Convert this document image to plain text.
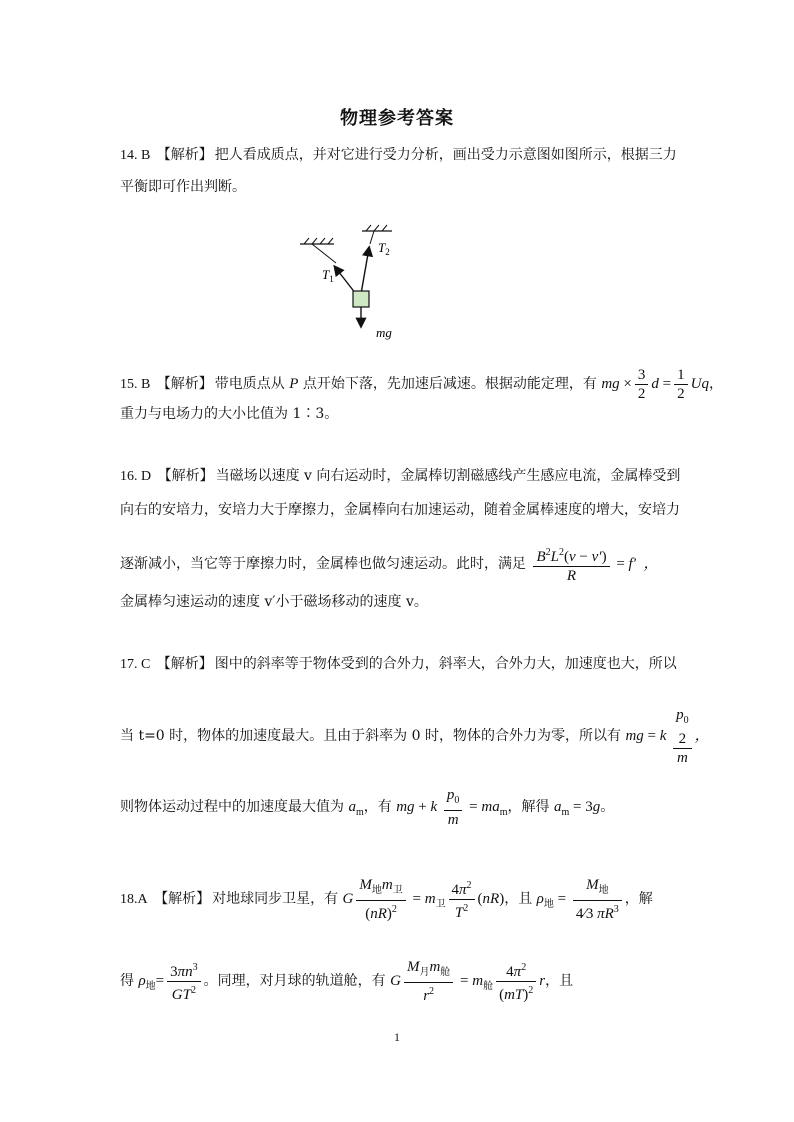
物理参考答案
14. B 【解析】 把人看成质点，并对它进行受力分析，画出受力示意图如图所示，根据三力
平衡即可作出判断。
$T_1$
$T_2$
mg
15. B 【解析】 带电质点从 P 点开始下落，先加速后减速。根据动能定理，有 mg × $\frac{3}{2}$ $d = \frac{1}{2}$ Uq，
重力与电场力的大小比值为 1∶3。
16. D 【解析】 当磁场以速度 v 向右运动时，金属棒切割磁感线产生感应电流，金属棒受到
向右的安培力，安培力大于摩擦力，金属棒向右加速运动，随着金属棒速度的增大，安培力
逐渐减小，当它等于摩擦力时，金属棒也做匀速运动。此时，满足 $\frac{B^2L^2(v - v')}{R} = f'$  ，
金属棒匀速运动的速度 v′小于磁场移动的速度 v。
17. C 【解析】 图中的斜率等于物体受到的合外力，斜率大，合外力大，加速度也大，所以
当 t=0 时，物体的加速度最大。且由于斜率为 0 时，物体的合外力为零，所以有 mg = k
$p_0$
2
m
，
则物体运动过程中的加速度最大值为 $a_m$，有 mg + k $\frac{p_0}{m} = ma_m$，解得 $a_m = 3g$。
18.A 【解析】 对地球同步卫星，有 G $\frac{M_地m_卫}{(nR)^2} = m_卫 \frac{4\pi^2}{T^2} (nR)$，且 $\rho_地 = \frac{M_地}{4⁄3 \pi R^3}$ ，解
得 $\rho_地= \frac{3\pi n^3}{GT^2}$ 。同理，对月球的轨道舱，有 G $\frac{M_月m_舱}{r^2} = m_舱 \frac{4\pi^2}{(mT)^2}$ r，且
1
